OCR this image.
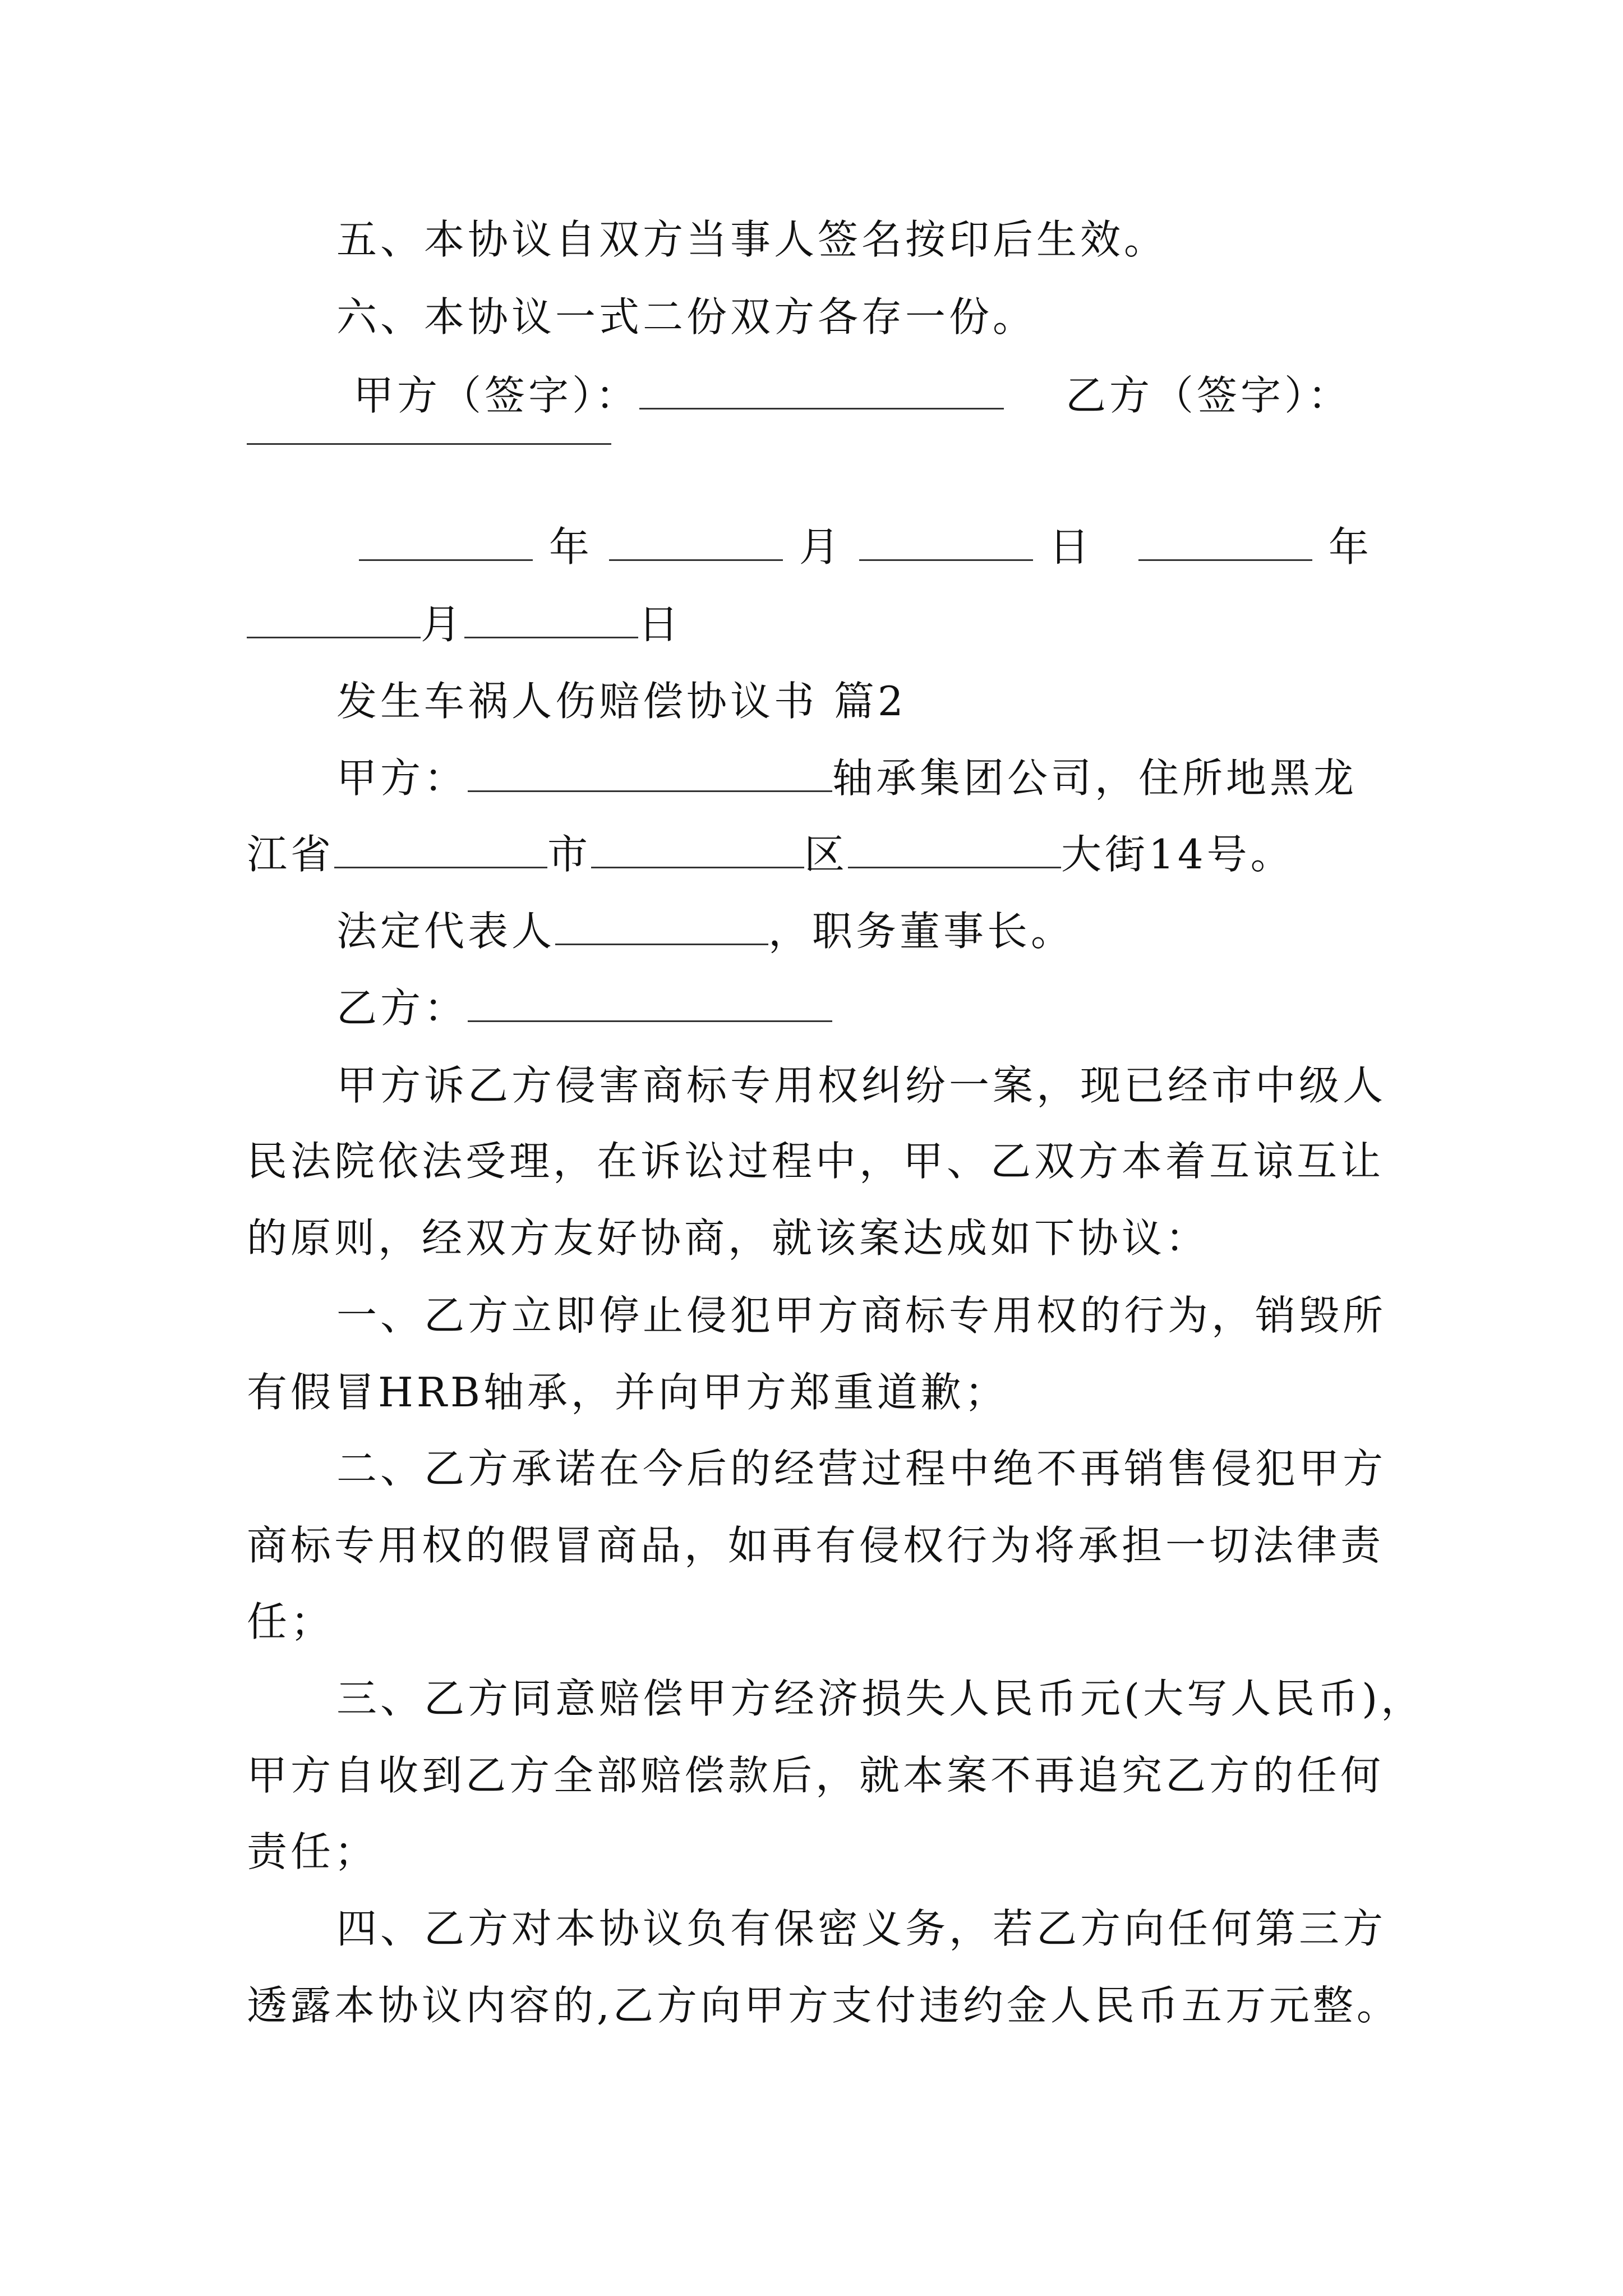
五、本协议自双方当事人签名按印后生效。
六、本协议一式二份双方各存一份。
甲方（签字）：	乙方（签字）：
年	月	日	年
月	日
发生车祸人伤赔偿协议书 篇2
甲方：	轴承集团公司，住所地黑龙
江省	市	区	大街14号。
法定代表人	，职务董事长。
乙方：
甲方诉乙方侵害商标专用权纠纷一案，现已经市中级人
民法院依法受理，在诉讼过程中，甲、乙双方本着互谅互让
的原则，经双方友好协商，就该案达成如下协议：
一、乙方立即停止侵犯甲方商标专用权的行为，销毁所
有假冒HRB轴承，并向甲方郑重道歉；
二、乙方承诺在今后的经营过程中绝不再销售侵犯甲方
商标专用权的假冒商品，如再有侵权行为将承担一切法律责
任；
三、乙方同意赔偿甲方经济损失人民币元(大写人民币)，
甲方自收到乙方全部赔偿款后，就本案不再追究乙方的任何
责任；
四、乙方对本协议负有保密义务，若乙方向任何第三方
透露本协议内容的,乙方向甲方支付违约金人民币五万元整。
